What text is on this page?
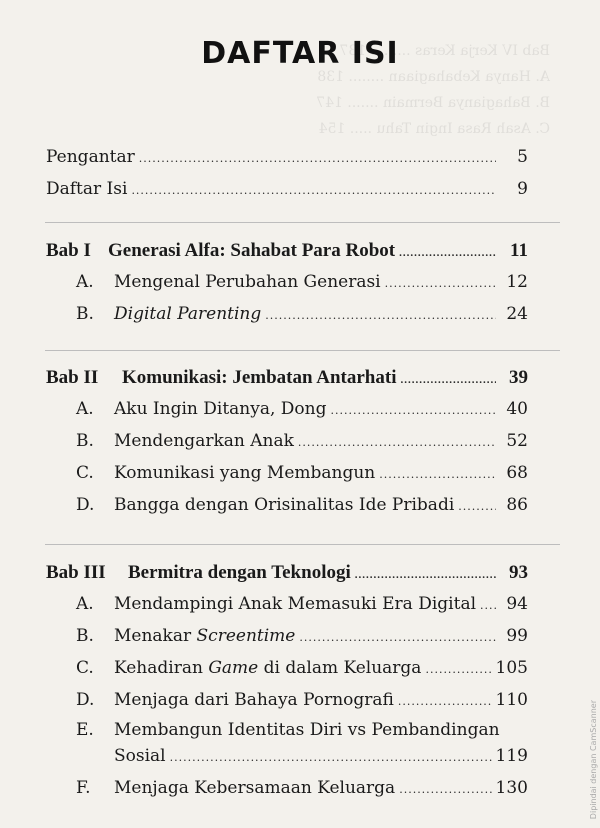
Bab IV Kerja Keras ......... 137
A. Hanya Kebahagiaan ........ 138
B. Bahagianya Bermain ....... 147
C. Asah Rasa Ingin Tahu ..... 154
DAFTAR ISI
Pengantar .....	5
Daftar Isi .....	9
Bab I Generasi Alfa: Sahabat Para Robot .....	11
A. Mengenal Perubahan Generasi .....	12
B. Digital Parenting .....	24
Bab II Komunikasi: Jembatan Antarhati .....	39
A. Aku Ingin Ditanya, Dong .....	40
B. Mendengarkan Anak .....	52
C. Komunikasi yang Membangun .....	68
D. Bangga dengan Orisinalitas Ide Pribadi .....	86
Bab III Bermitra dengan Teknologi .....	93
A. Mendampingi Anak Memasuki Era Digital .....	94
B. Menakar Screentime .....	99
C. Kehadiran Game di dalam Keluarga .....	105
D. Menjaga dari Bahaya Pornografi .....	110
E. Membangun Identitas Diri vs Pembandingan
Sosial .....	119
F. Menjaga Kebersamaan Keluarga .....	130	Dipindai dengan CamScanner
